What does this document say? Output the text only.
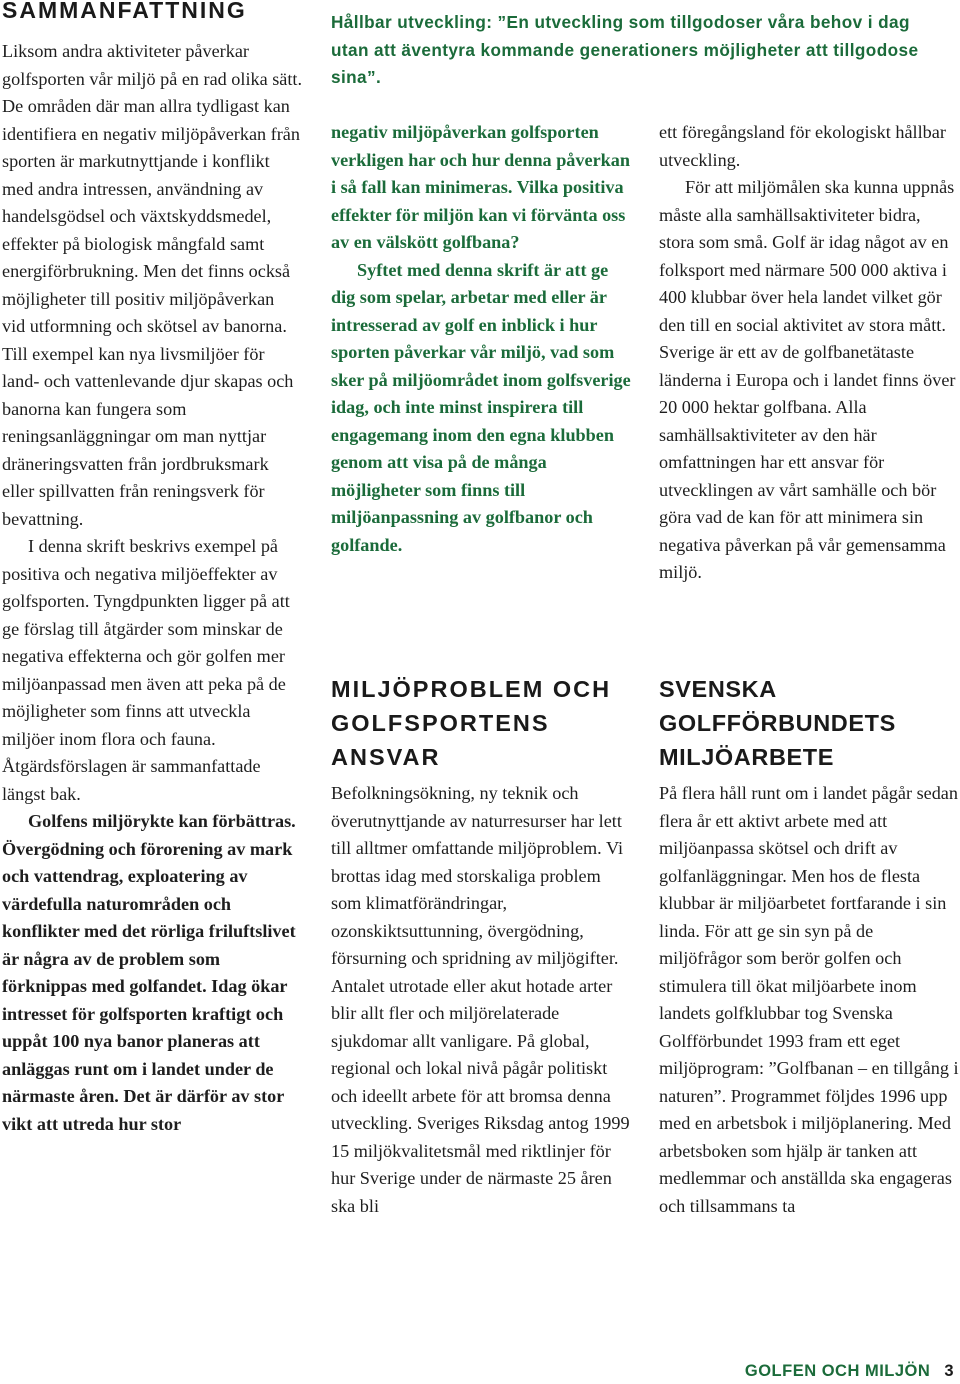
SAMMANFATTNING

Liksom andra aktiviteter påverkar golfsporten vår miljö på en rad olika sätt. De områden där man allra tydligast kan identifiera en negativ miljöpåverkan från sporten är markutnyttjande i konflikt med andra intressen, användning av handelsgödsel och växtskyddsmedel, effekter på biologisk mångfald samt energiförbrukning. Men det finns också möjligheter till positiv miljöpåverkan vid utformning och skötsel av banorna. Till exempel kan nya livsmiljöer för land- och vattenlevande djur skapas och banorna kan fungera som reningsanläggningar om man nyttjar dräneringsvatten från jordbruksmark eller spillvatten från reningsverk för bevattning.

I denna skrift beskrivs exempel på positiva och negativa miljöeffekter av golfsporten. Tyngdpunkten ligger på att ge förslag till åtgärder som minskar de negativa effekterna och gör golfen mer miljöanpassad men även att peka på de möjligheter som finns att utveckla miljöer inom flora och fauna. Åtgärdsförslagen är sammanfattade längst bak.

Golfens miljörykte kan förbättras. Övergödning och förorening av mark och vattendrag, exploatering av värdefulla naturområden och konflikter med det rörliga friluftslivet är några av de problem som förknippas med golfandet. Idag ökar intresset för golfsporten kraftigt och uppåt 100 nya banor planeras att anläggas runt om i landet under de närmaste åren. Det är därför av stor vikt att utreda hur stor

Hållbar utveckling: ”En utveckling som tillgodoser våra behov i dag utan att äventyra kommande generationers möjligheter att tillgodose sina”.

negativ miljöpåverkan golfsporten verkligen har och hur denna påverkan i så fall kan minimeras. Vilka positiva effekter för miljön kan vi förvänta oss av en välskött golfbana?

Syftet med denna skrift är att ge dig som spelar, arbetar med eller är intresserad av golf en inblick i hur sporten påverkar vår miljö, vad som sker på miljöområdet inom golfsverige idag, och inte minst inspirera till engagemang inom den egna klubben genom att visa på de många möjligheter som finns till miljöanpassning av golfbanor och golfande.

ett föregångsland för ekologiskt hållbar utveckling.

För att miljömålen ska kunna uppnås måste alla samhällsaktiviteter bidra, stora som små. Golf är idag något av en folksport med närmare 500 000 aktiva i 400 klubbar över hela landet vilket gör den till en social aktivitet av stora mått. Sverige är ett av de golfbanetätaste länderna i Europa och i landet finns över 20 000 hektar golfbana. Alla samhällsaktiviteter av den här omfattningen har ett ansvar för utvecklingen av vårt samhälle och bör göra vad de kan för att minimera sin negativa påverkan på vår gemensamma miljö.

MILJÖPROBLEM OCH GOLFSPORTENS ANSVAR
SVENSKA GOLFFÖRBUNDETS MILJÖARBETE

Befolkningsökning, ny teknik och överutnyttjande av naturresurser har lett till alltmer omfattande miljöproblem. Vi brottas idag med storskaliga problem som klimatförändringar, ozonskiktsuttunning, övergödning, försurning och spridning av miljögifter. Antalet utrotade eller akut hotade arter blir allt fler och miljörelaterade sjukdomar allt vanligare. På global, regional och lokal nivå pågår politiskt och ideellt arbete för att bromsa denna utveckling. Sveriges Riksdag antog 1999 15 miljökvalitetsmål med riktlinjer för hur Sverige under de närmaste 25 åren ska bli

På flera håll runt om i landet pågår sedan flera år ett aktivt arbete med att miljöanpassa skötsel och drift av golfanläggningar. Men hos de flesta klubbar är miljöarbetet fortfarande i sin linda. För att ge sin syn på de miljöfrågor som berör golfen och stimulera till ökat miljöarbete inom landets golfklubbar tog Svenska Golfförbundet 1993 fram ett eget miljöprogram: ”Golfbanan – en tillgång i naturen”. Programmet följdes 1996 upp med en arbetsbok i miljöplanering. Med arbetsboken som hjälp är tanken att medlemmar och anställda ska engageras och tillsammans ta

GOLFEN OCH MILJÖN 3
